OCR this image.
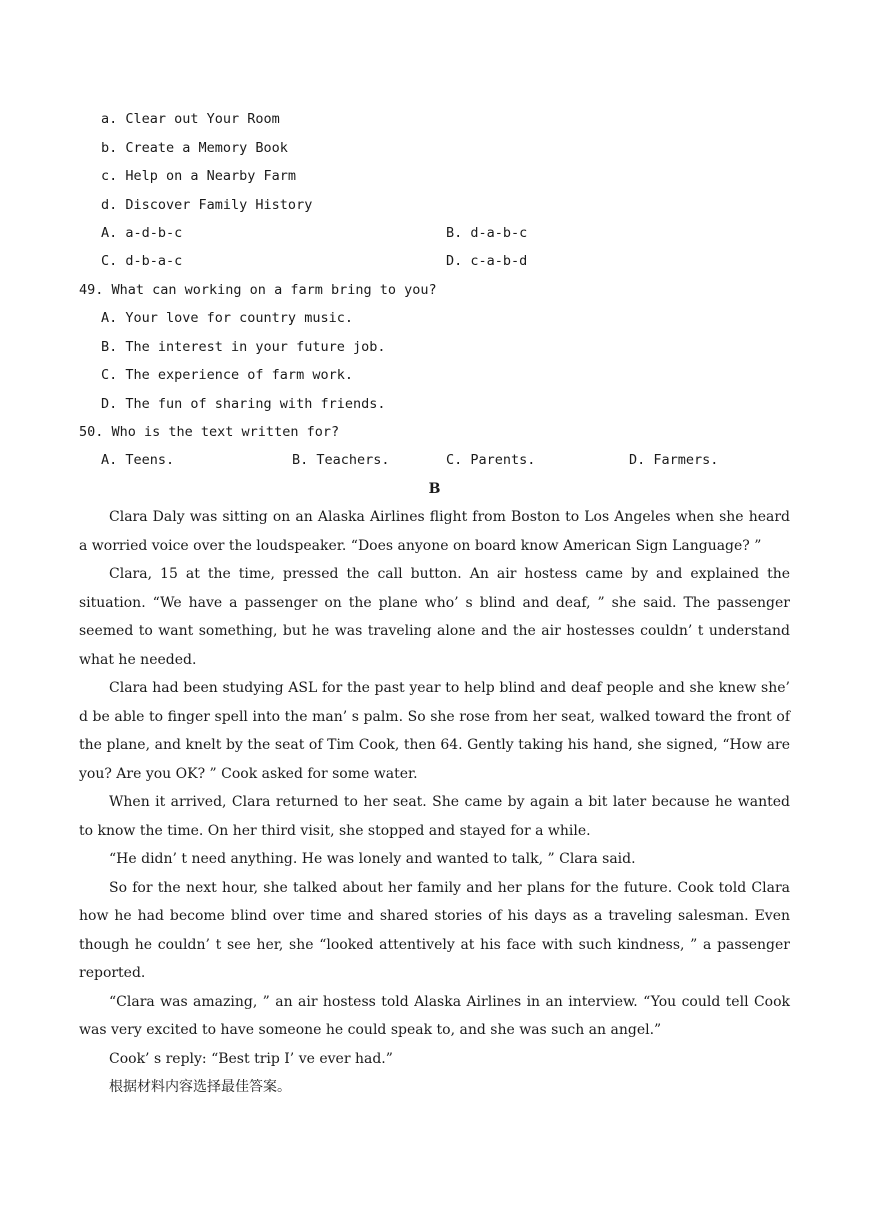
a. Clear out Your Room
b. Create a Memory Book
c. Help on a Nearby Farm
d. Discover Family History
A. a-d-b-c	B. d-a-b-c
C. d-b-a-c	D. c-a-b-d
49. What can working on a farm bring to you?
A. Your love for country music.
B. The interest in your future job.
C. The experience of farm work.
D. The fun of sharing with friends.
50. Who is the text written for?
A. Teens.	B. Teachers.	C. Parents.	D. Farmers.
B

Clara Daly was sitting on an Alaska Airlines flight from Boston to Los Angeles when she heard a worried voice over the loudspeaker. “Does anyone on board know American Sign Language? ”

Clara, 15 at the time, pressed the call button. An air hostess came by and explained the situation. “We have a passenger on the plane who’ s blind and deaf, ” she said. The passenger seemed to want something, but he was traveling alone and the air hostesses couldn’ t understand what he needed.

Clara had been studying ASL for the past year to help blind and deaf people and she knew she’ d be able to finger spell into the man’ s palm. So she rose from her seat, walked toward the front of the plane, and knelt by the seat of Tim Cook, then 64. Gently taking his hand, she signed, “How are you? Are you OK? ” Cook asked for some water.

When it arrived, Clara returned to her seat. She came by again a bit later because he wanted to know the time. On her third visit, she stopped and stayed for a while.

“He didn’ t need anything. He was lonely and wanted to talk, ” Clara said.

So for the next hour, she talked about her family and her plans for the future. Cook told Clara how he had become blind over time and shared stories of his days as a traveling salesman. Even though he couldn’ t see her, she “looked attentively at his face with such kindness, ” a passenger reported.

“Clara was amazing, ” an air hostess told Alaska Airlines in an interview. “You could tell Cook was very excited to have someone he could speak to, and she was such an angel.”

Cook’ s reply: “Best trip I’ ve ever had.”

根据材料内容选择最佳答案。
